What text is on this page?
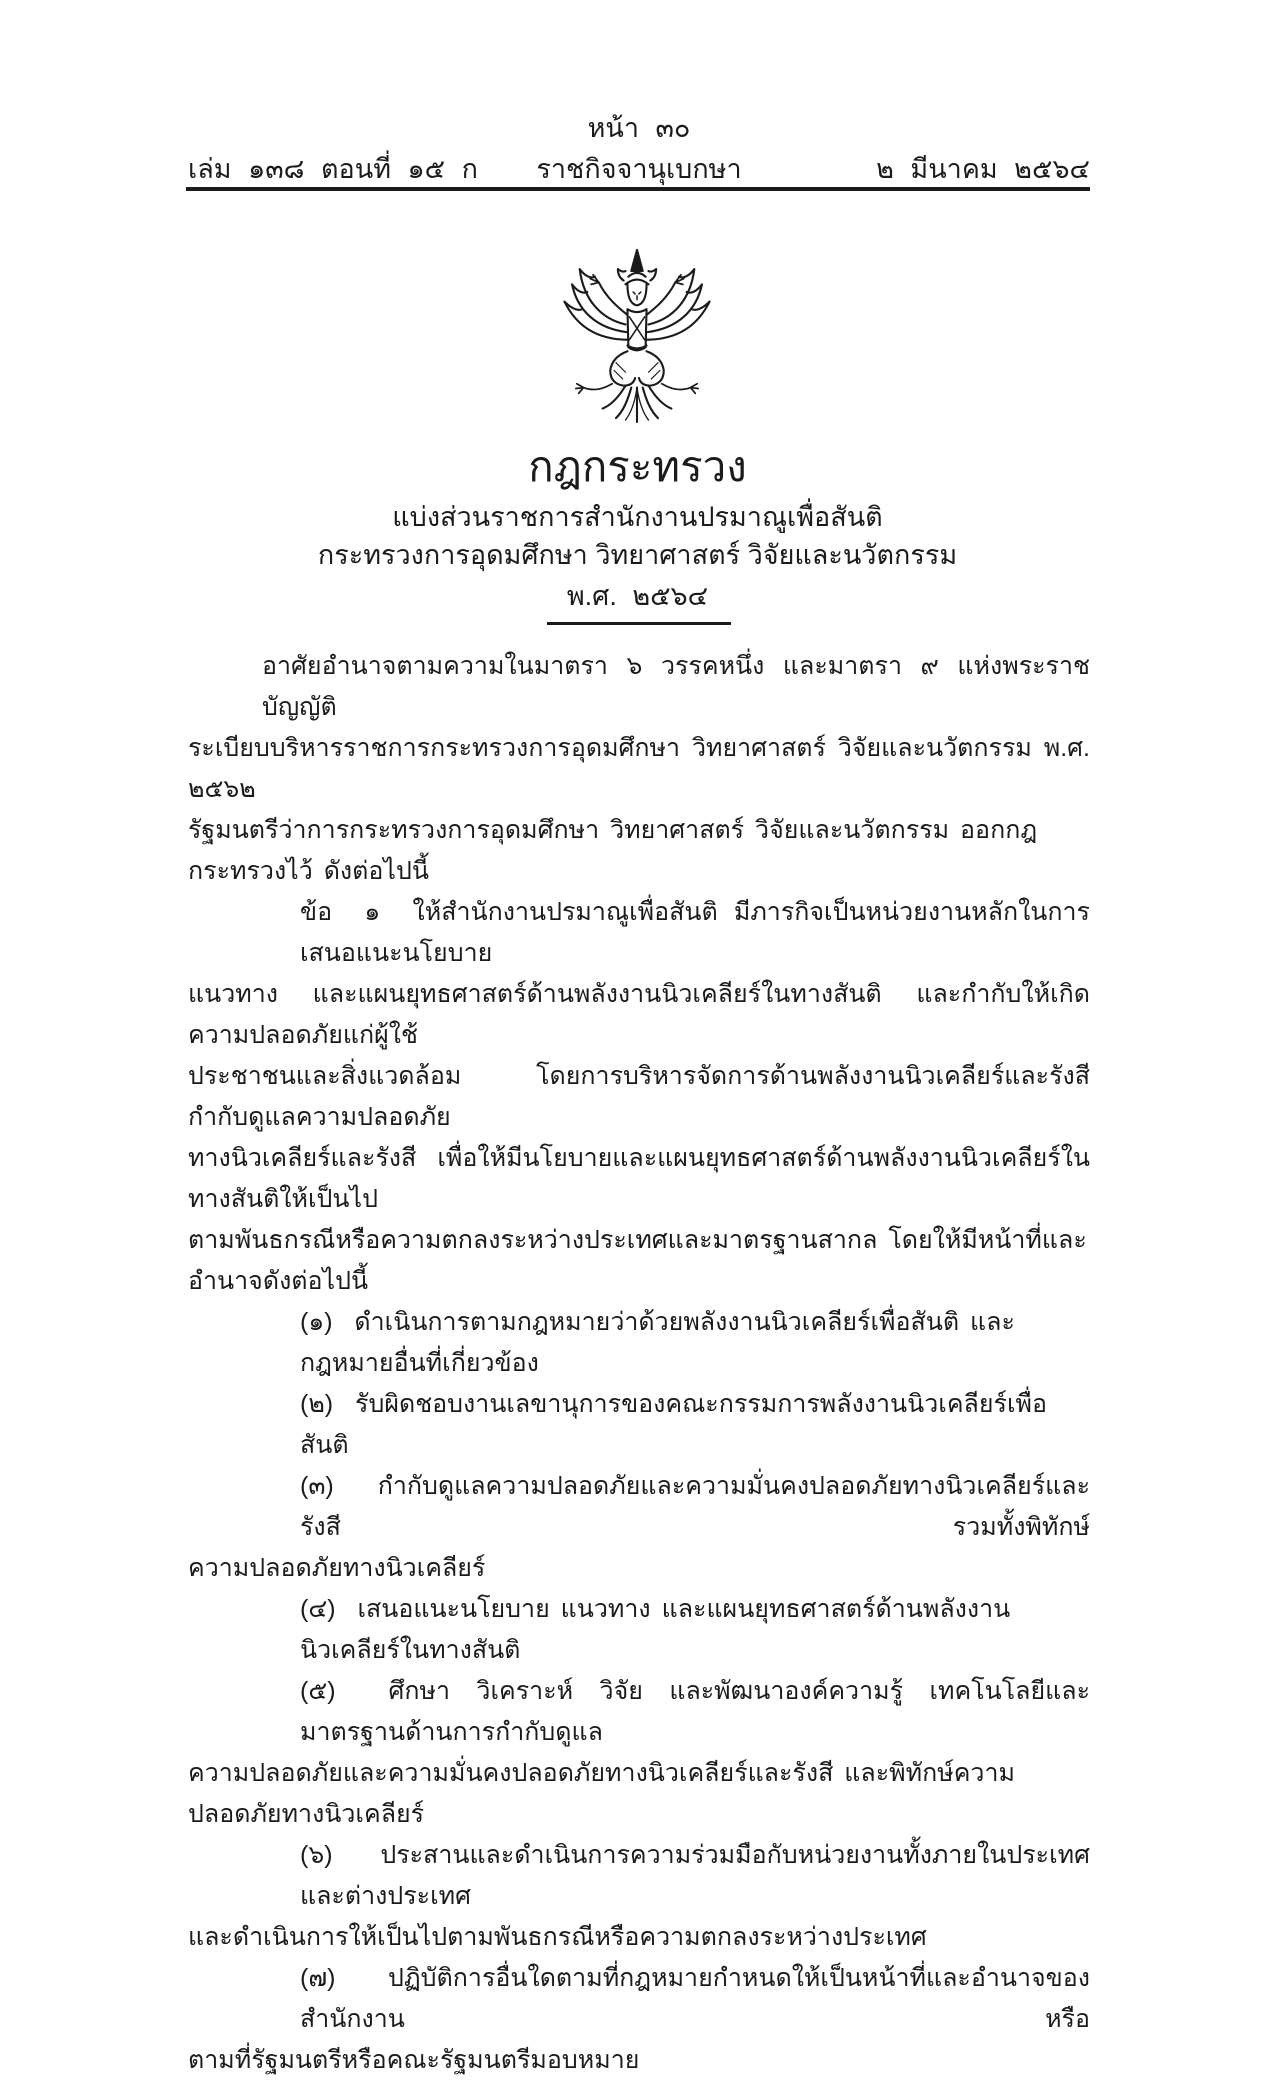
หน้า ๓๐
ราชกิจจานุเบกษา
เล่ม ๑๓๘ ตอนที่ ๑๕ ก	๒ มีนาคม ๒๕๖๔
กฎกระทรวง
แบ่งส่วนราชการสำนักงานปรมาณูเพื่อสันติ
กระทรวงการอุดมศึกษา วิทยาศาสตร์ วิจัยและนวัตกรรม
พ.ศ. ๒๕๖๔
อาศัยอำนาจตามความในมาตรา ๖ วรรคหนึ่ง และมาตรา ๙ แห่งพระราชบัญญัติ
ระเบียบบริหารราชการกระทรวงการอุดมศึกษา วิทยาศาสตร์ วิจัยและนวัตกรรม พ.ศ. ๒๕๖๒
รัฐมนตรีว่าการกระทรวงการอุดมศึกษา วิทยาศาสตร์ วิจัยและนวัตกรรม ออกกฎกระทรวงไว้ ดังต่อไปนี้
ข้อ  ๑  ให้สำนักงานปรมาณูเพื่อสันติ มีภารกิจเป็นหน่วยงานหลักในการเสนอแนะนโยบาย
แนวทาง และแผนยุทธศาสตร์ด้านพลังงานนิวเคลียร์ในทางสันติ และกำกับให้เกิดความปลอดภัยแก่ผู้ใช้
ประชาชนและสิ่งแวดล้อม โดยการบริหารจัดการด้านพลังงานนิวเคลียร์และรังสี กำกับดูแลความปลอดภัย
ทางนิวเคลียร์และรังสี เพื่อให้มีนโยบายและแผนยุทธศาสตร์ด้านพลังงานนิวเคลียร์ในทางสันติให้เป็นไป
ตามพันธกรณีหรือความตกลงระหว่างประเทศและมาตรฐานสากล โดยให้มีหน้าที่และอำนาจดังต่อไปนี้
(๑)  ดำเนินการตามกฎหมายว่าด้วยพลังงานนิวเคลียร์เพื่อสันติ และกฎหมายอื่นที่เกี่ยวข้อง
(๒)  รับผิดชอบงานเลขานุการของคณะกรรมการพลังงานนิวเคลียร์เพื่อสันติ
(๓)  กำกับดูแลความปลอดภัยและความมั่นคงปลอดภัยทางนิวเคลียร์และรังสี รวมทั้งพิทักษ์
ความปลอดภัยทางนิวเคลียร์
(๔)  เสนอแนะนโยบาย แนวทาง และแผนยุทธศาสตร์ด้านพลังงานนิวเคลียร์ในทางสันติ
(๕)  ศึกษา วิเคราะห์ วิจัย และพัฒนาองค์ความรู้ เทคโนโลยีและมาตรฐานด้านการกำกับดูแล
ความปลอดภัยและความมั่นคงปลอดภัยทางนิวเคลียร์และรังสี และพิทักษ์ความปลอดภัยทางนิวเคลียร์
(๖)  ประสานและดำเนินการความร่วมมือกับหน่วยงานทั้งภายในประเทศและต่างประเทศ
และดำเนินการให้เป็นไปตามพันธกรณีหรือความตกลงระหว่างประเทศ
(๗)  ปฏิบัติการอื่นใดตามที่กฎหมายกำหนดให้เป็นหน้าที่และอำนาจของสำนักงาน หรือ
ตามที่รัฐมนตรีหรือคณะรัฐมนตรีมอบหมาย
